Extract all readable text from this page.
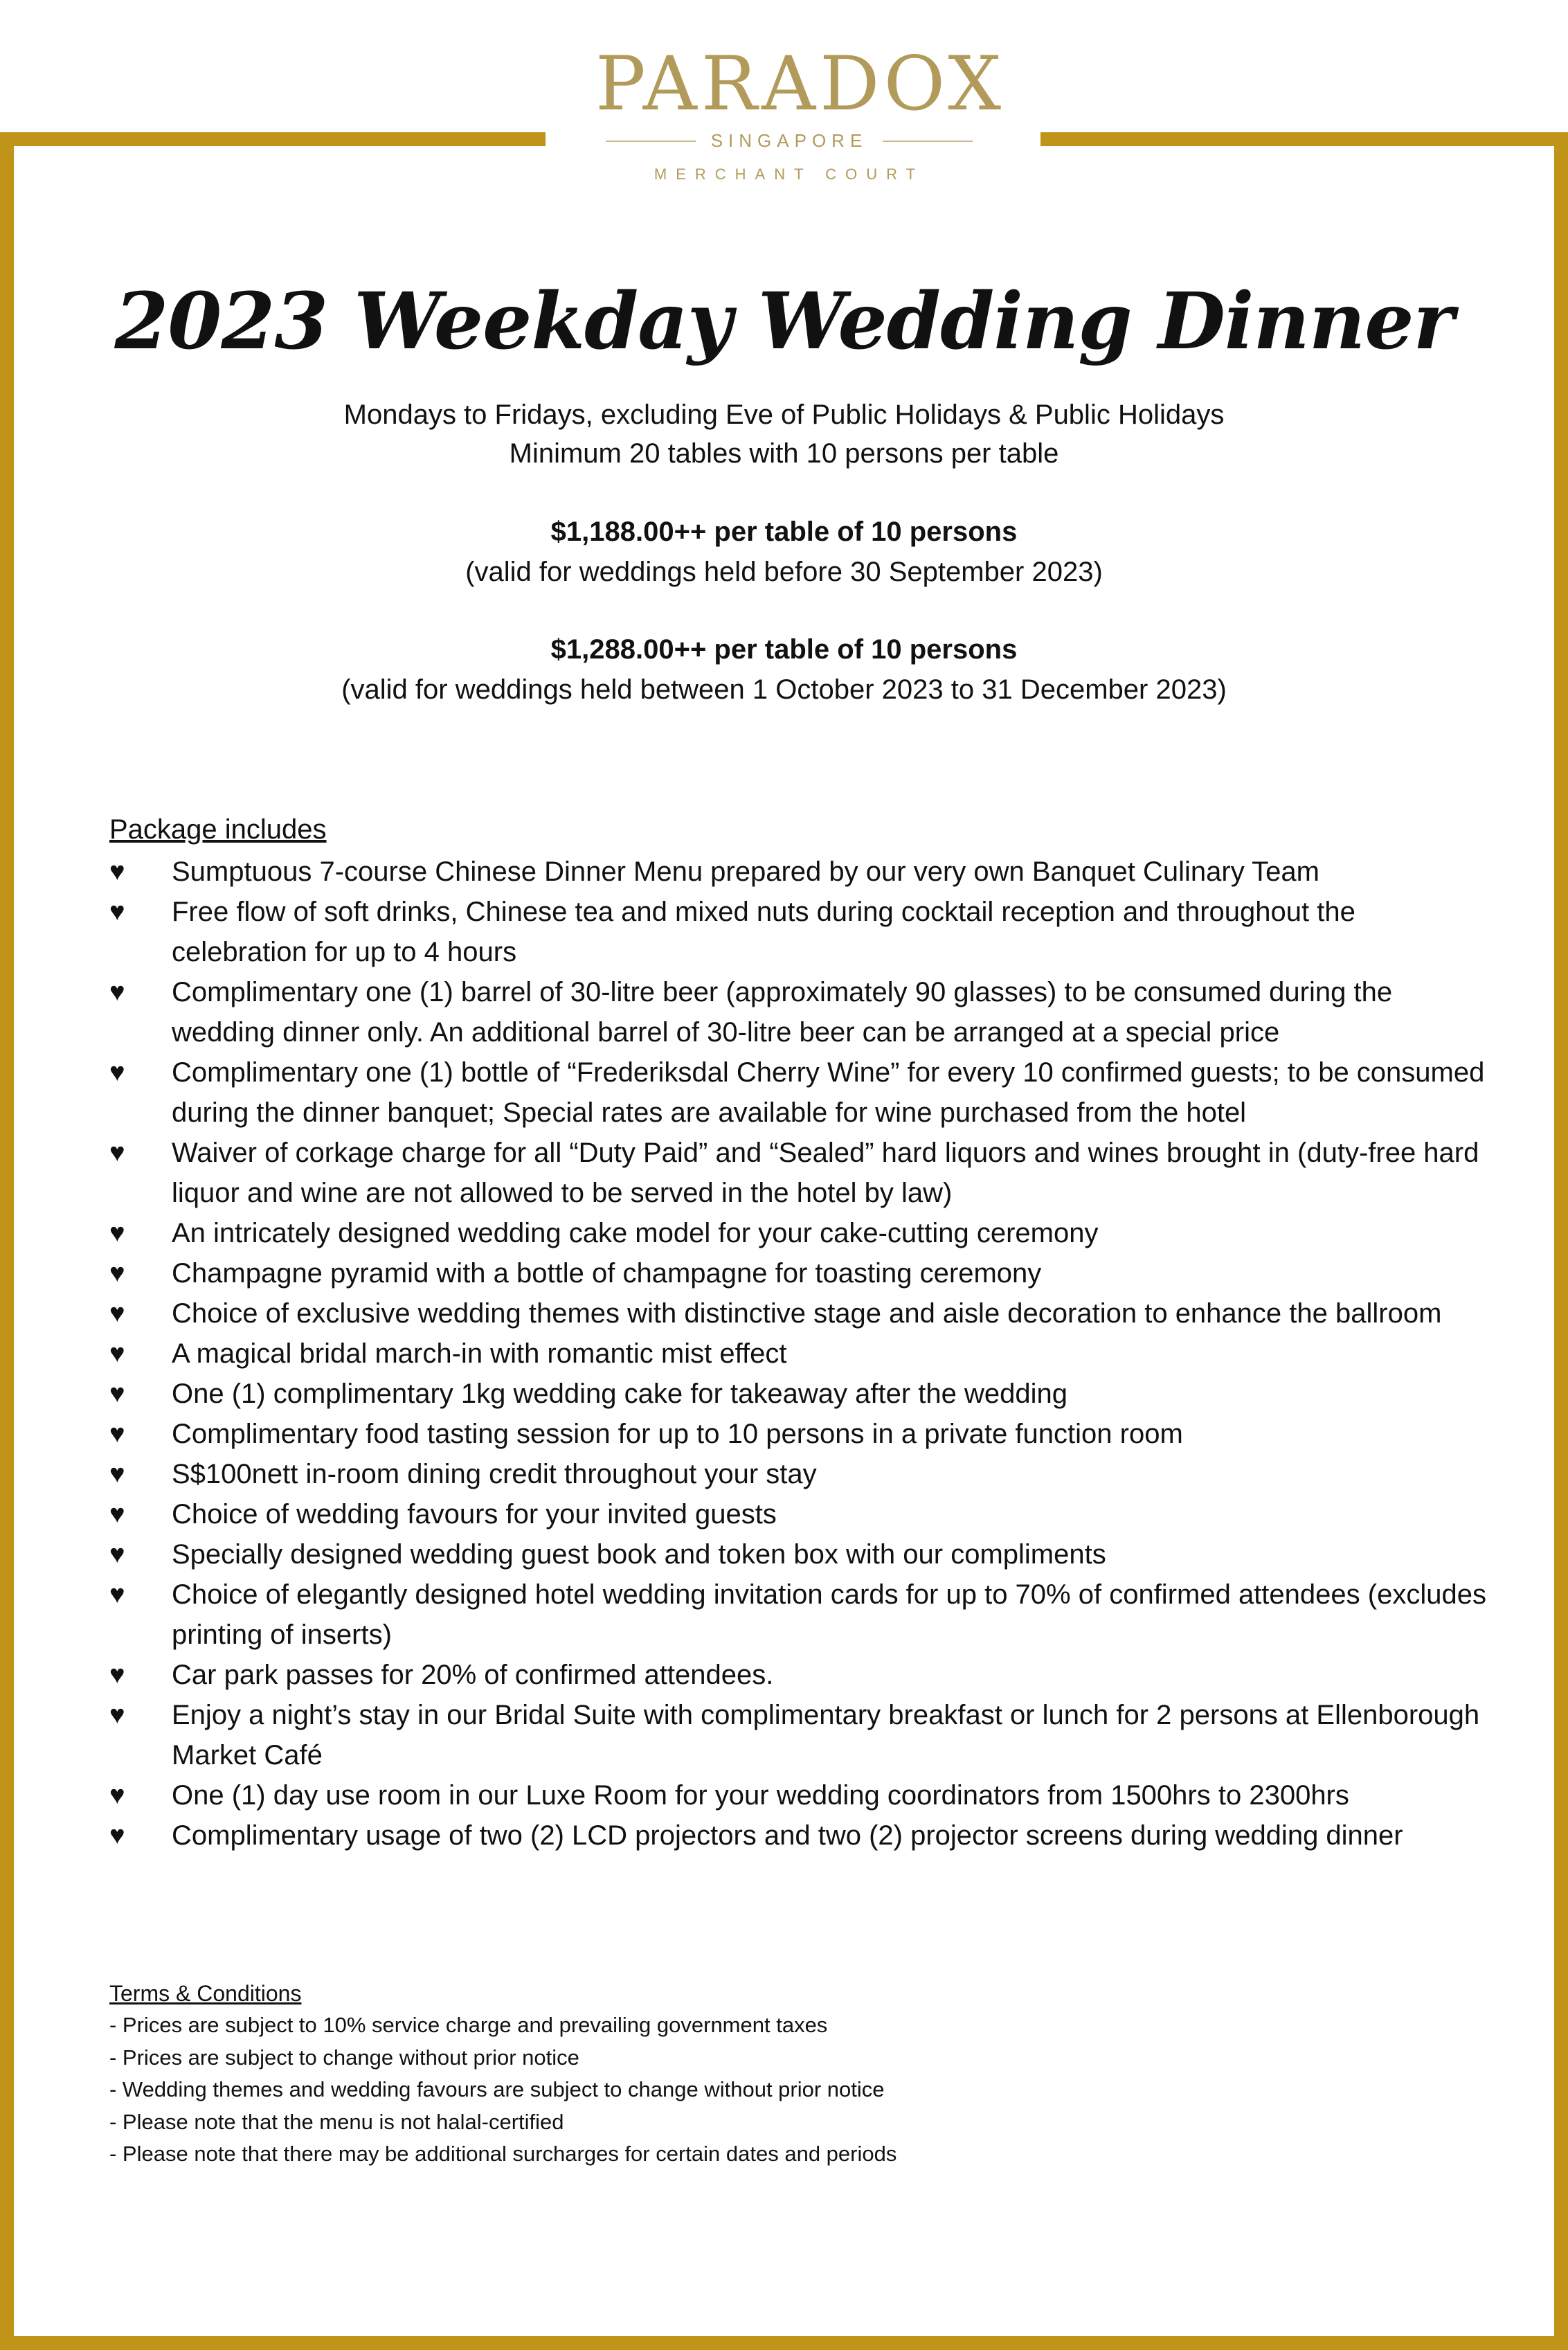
PARADOX
SINGAPORE
MERCHANT COURT
2023 Weekday Wedding Dinner
Mondays to Fridays, excluding Eve of Public Holidays & Public Holidays
Minimum 20 tables with 10 persons per table
$1,188.00++ per table of 10 persons
(valid for weddings held before 30 September 2023)
$1,288.00++ per table of 10 persons
(valid for weddings held between 1 October 2023 to 31 December 2023)
Package includes
♥	Sumptuous 7-course Chinese Dinner Menu prepared by our very own Banquet Culinary Team
♥	Free flow of soft drinks, Chinese tea and mixed nuts during cocktail reception and throughout the celebration for up to 4 hours
♥	Complimentary one (1) barrel of 30-litre beer (approximately 90 glasses) to be consumed during the wedding dinner only. An additional barrel of 30-litre beer can be arranged at a special price
♥	Complimentary one (1) bottle of “Frederiksdal Cherry Wine” for every 10 confirmed guests; to be consumed during the dinner banquet; Special rates are available for wine purchased from the hotel
♥	Waiver of corkage charge for all “Duty Paid” and “Sealed” hard liquors and wines brought in (duty-free hard liquor and wine are not allowed to be served in the hotel by law)
♥	An intricately designed wedding cake model for your cake-cutting ceremony
♥	Champagne pyramid with a bottle of champagne for toasting ceremony
♥	Choice of exclusive wedding themes with distinctive stage and aisle decoration to enhance the ballroom
♥	A magical bridal march-in with romantic mist effect
♥	One (1) complimentary 1kg wedding cake for takeaway after the wedding
♥	Complimentary food tasting session for up to 10 persons in a private function room
♥	S$100nett in-room dining credit throughout your stay
♥	Choice of wedding favours for your invited guests
♥	Specially designed wedding guest book and token box with our compliments
♥	Choice of elegantly designed hotel wedding invitation cards for up to 70% of confirmed attendees (excludes printing of inserts)
♥	Car park passes for 20% of confirmed attendees.
♥	Enjoy a night’s stay in our Bridal Suite with complimentary breakfast or lunch for 2 persons at Ellenborough Market Café
♥	One (1) day use room in our Luxe Room for your wedding coordinators from 1500hrs to 2300hrs
♥	Complimentary usage of two (2) LCD projectors and two (2) projector screens during wedding dinner
Terms & Conditions
- Prices are subject to 10% service charge and prevailing government taxes
- Prices are subject to change without prior notice
- Wedding themes and wedding favours are subject to change without prior notice
- Please note that the menu is not halal-certified
- Please note that there may be additional surcharges for certain dates and periods
